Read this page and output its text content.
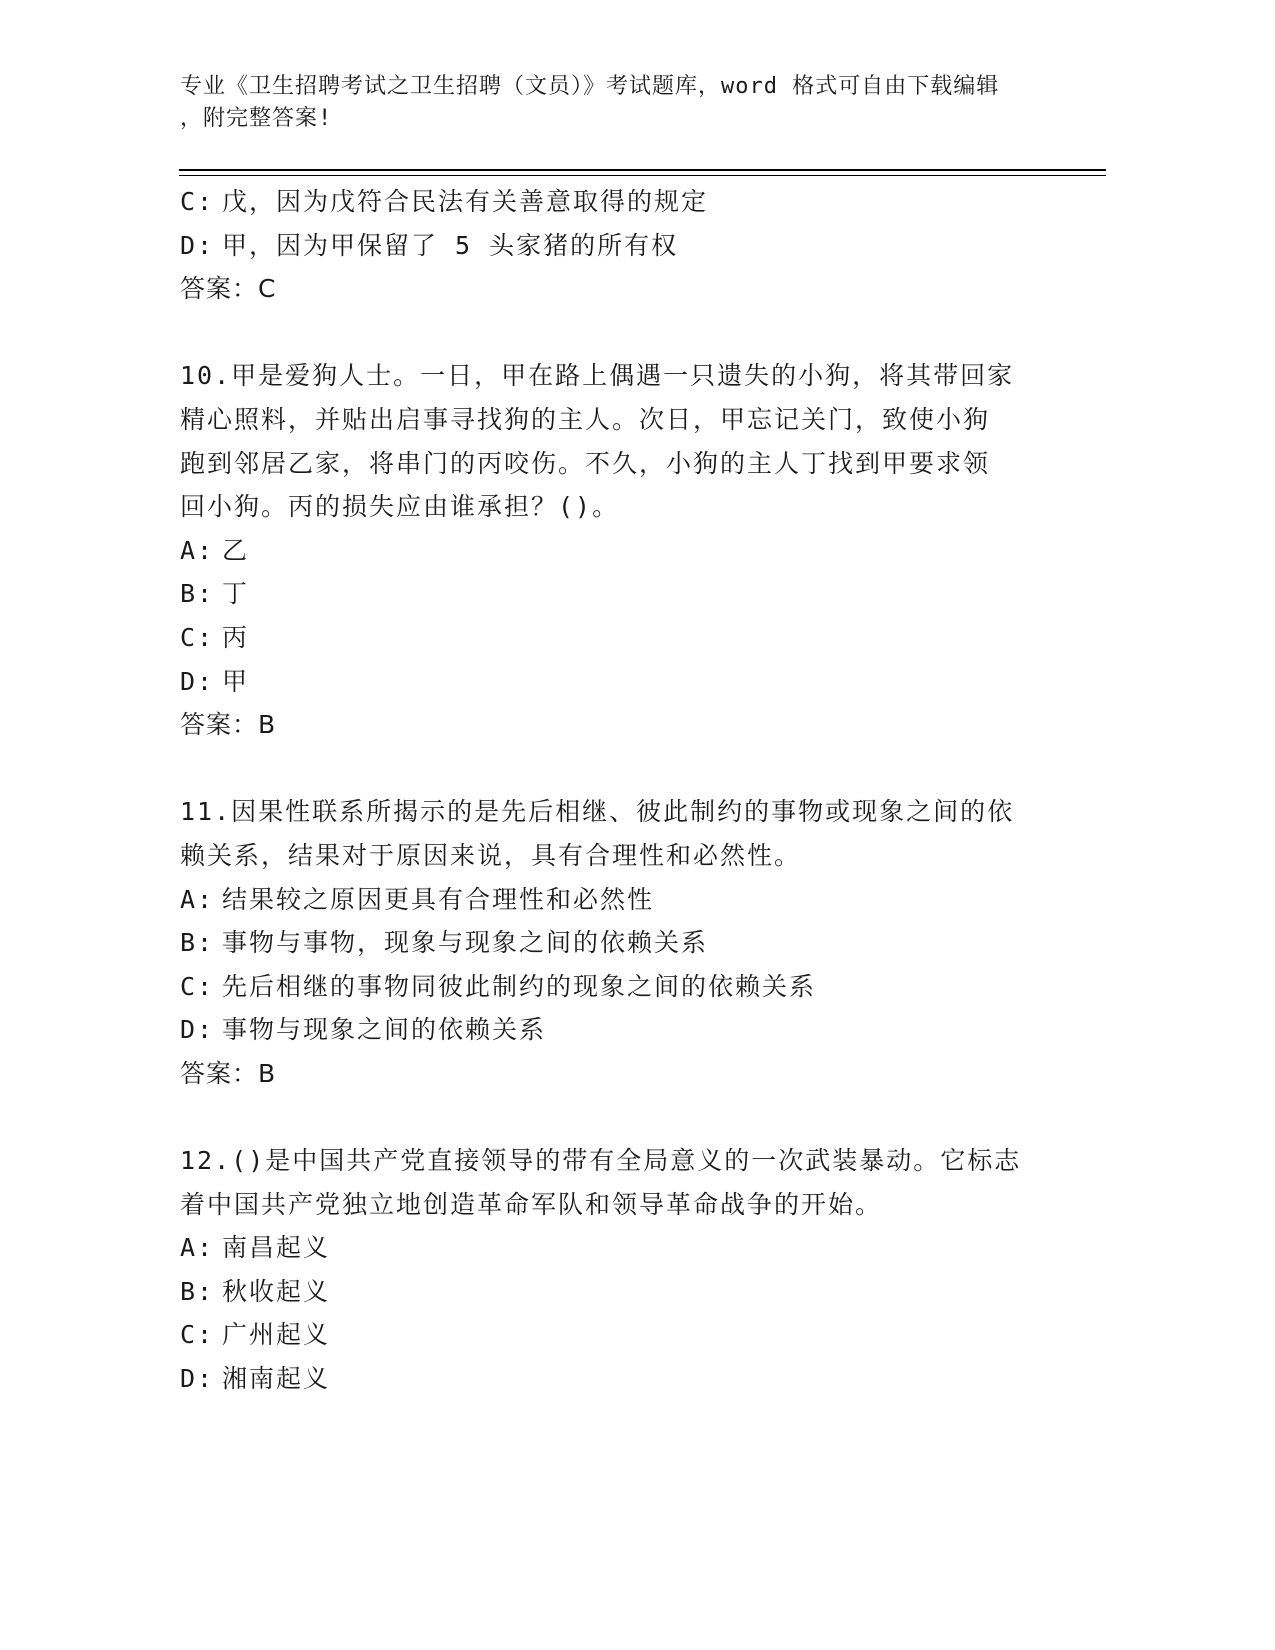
专业《卫生招聘考试之卫生招聘（文员）》考试题库，word 格式可自由下载编辑
，附完整答案!
C: 戊，因为戊符合民法有关善意取得的规定
D: 甲，因为甲保留了 5 头家猪的所有权
答案：C
10.甲是爱狗人士。一日，甲在路上偶遇一只遗失的小狗，将其带回家
精心照料，并贴出启事寻找狗的主人。次日，甲忘记关门，致使小狗
跑到邻居乙家，将串门的丙咬伤。不久，小狗的主人丁找到甲要求领
回小狗。丙的损失应由谁承担？()。
A: 乙
B: 丁
C: 丙
D: 甲
答案：B
11.因果性联系所揭示的是先后相继、彼此制约的事物或现象之间的依
赖关系，结果对于原因来说，具有合理性和必然性。
A: 结果较之原因更具有合理性和必然性
B: 事物与事物，现象与现象之间的依赖关系
C: 先后相继的事物同彼此制约的现象之间的依赖关系
D: 事物与现象之间的依赖关系
答案：B
12.()是中国共产党直接领导的带有全局意义的一次武装暴动。它标志
着中国共产党独立地创造革命军队和领导革命战争的开始。
A: 南昌起义
B: 秋收起义
C: 广州起义
D: 湘南起义
